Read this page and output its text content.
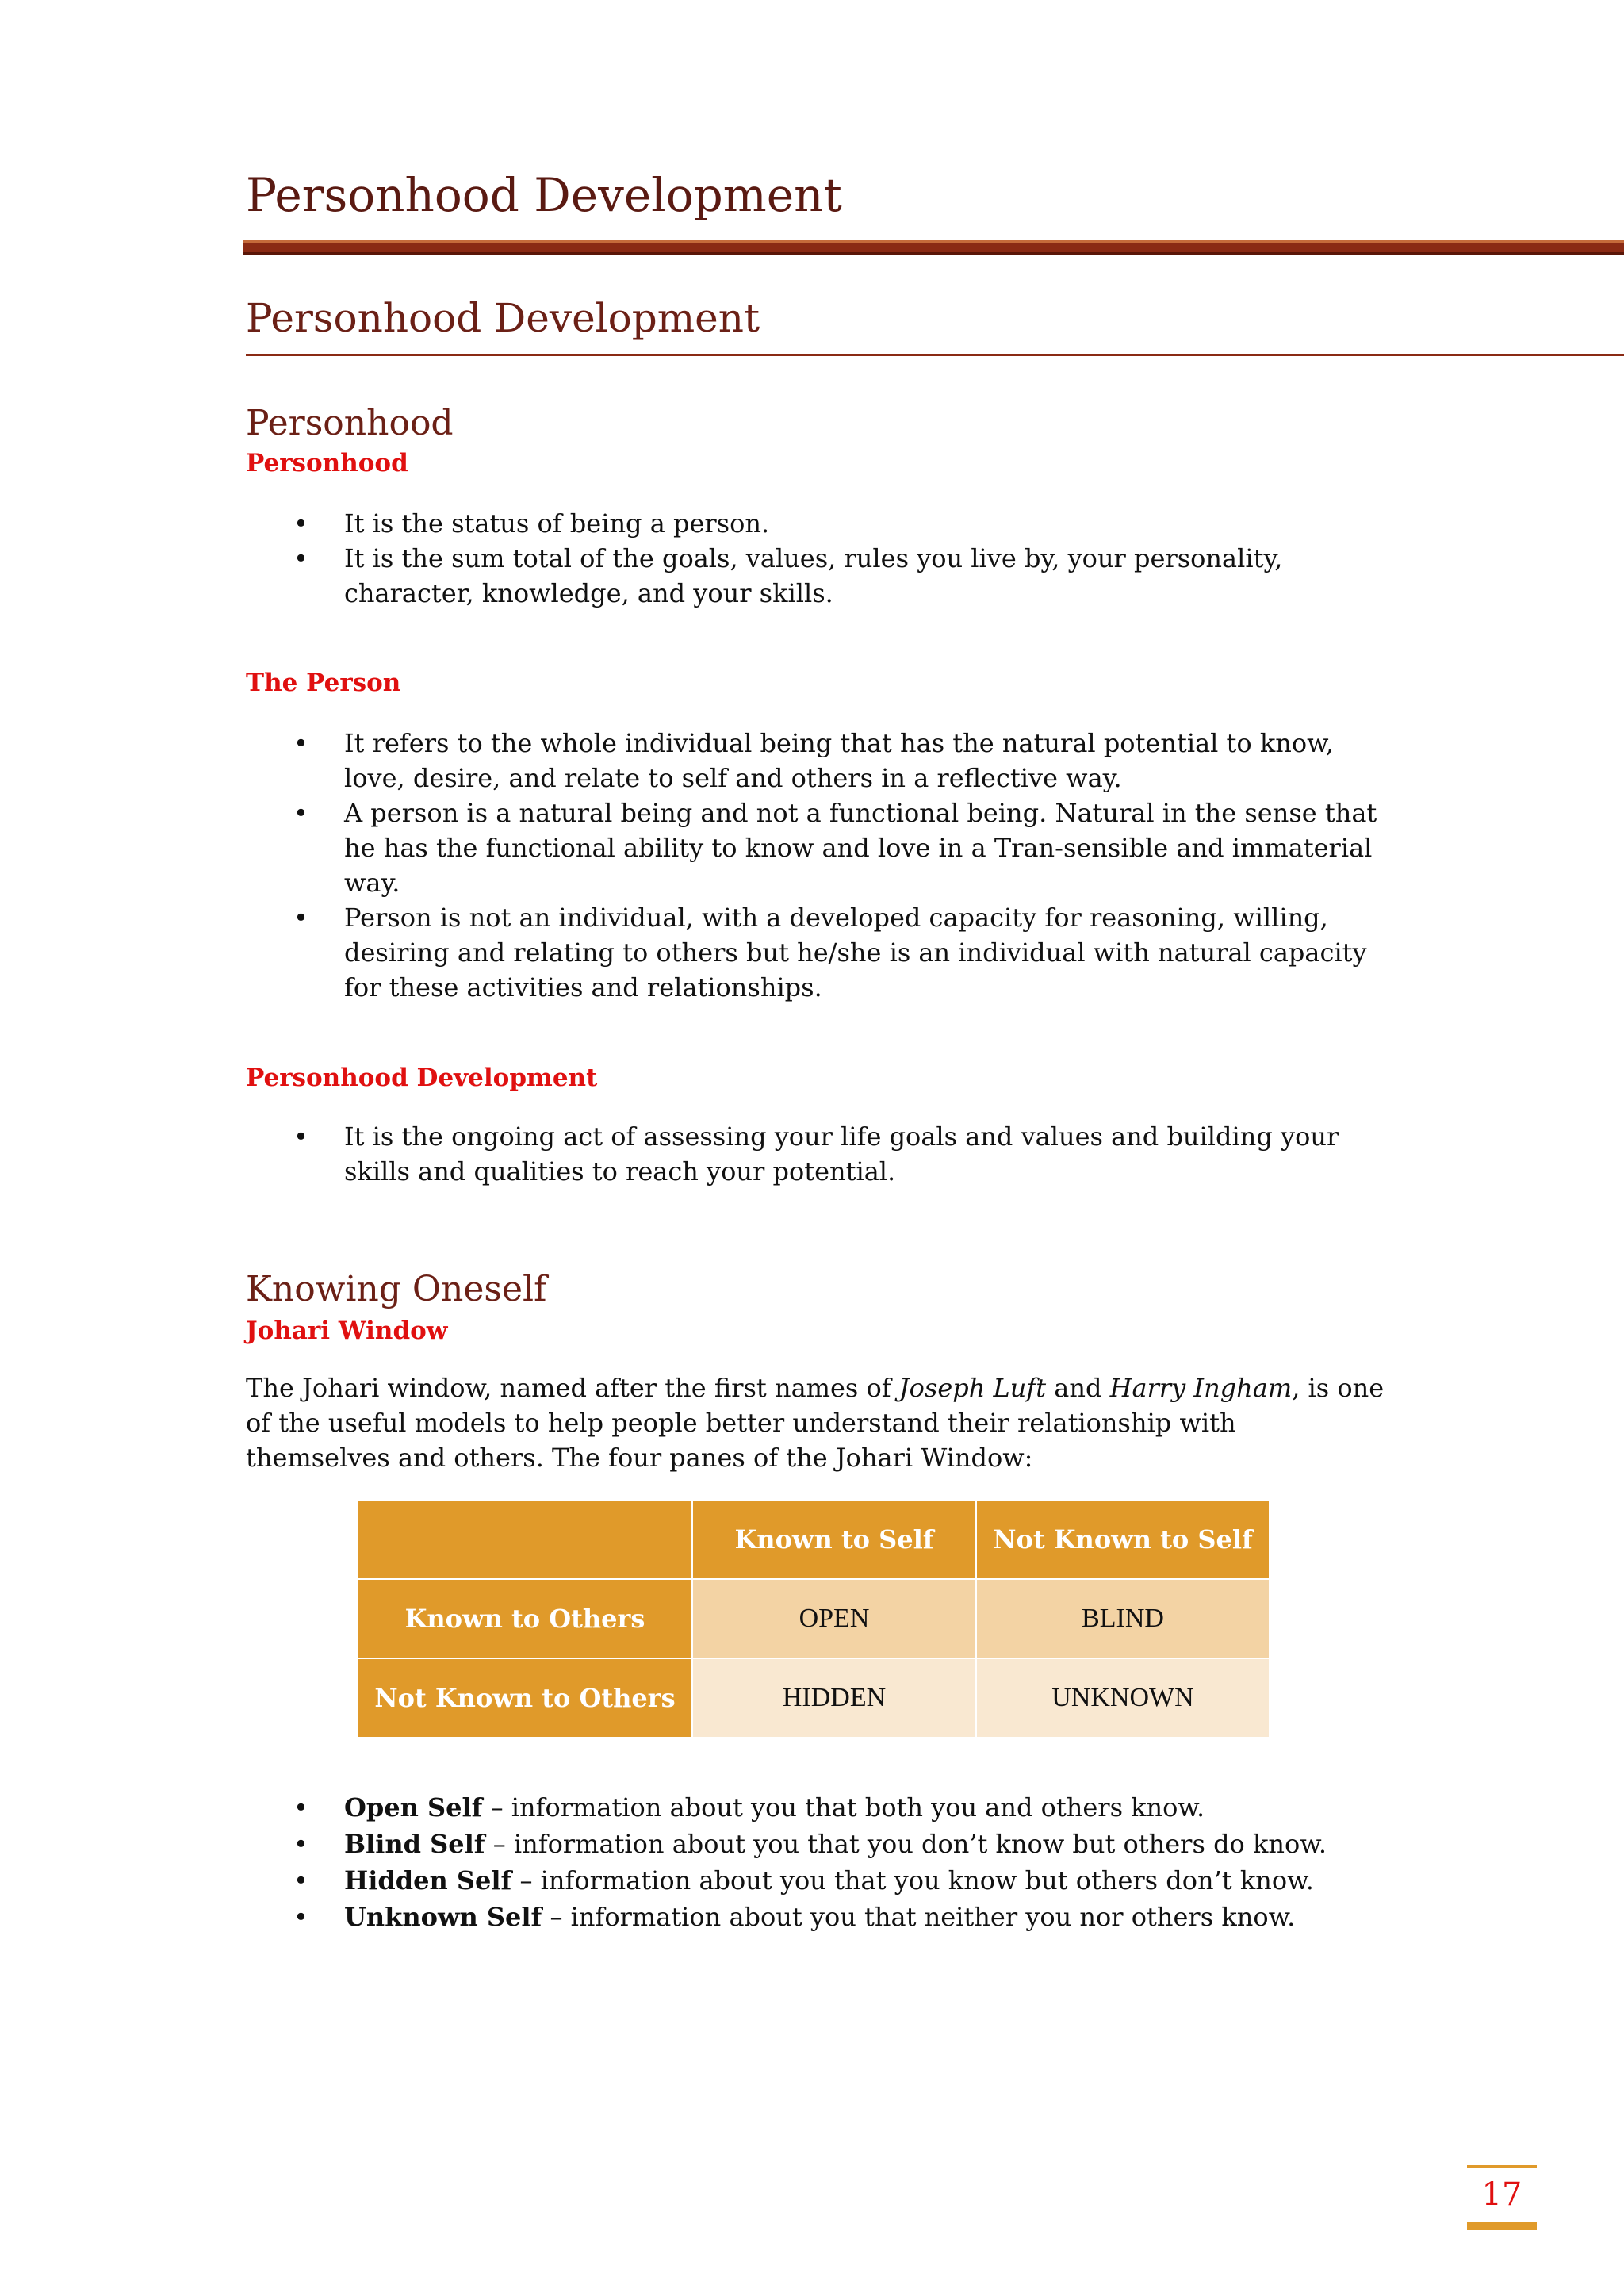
Personhood Development
Personhood Development
Personhood
Personhood
• It is the status of being a person.
• It is the sum total of the goals, values, rules you live by, your personality, character, knowledge, and your skills.
The Person
• It refers to the whole individual being that has the natural potential to know, love, desire, and relate to self and others in a reflective way.
• A person is a natural being and not a functional being. Natural in the sense that he has the functional ability to know and love in a Tran-sensible and immaterial way.
• Person is not an individual, with a developed capacity for reasoning, willing, desiring and relating to others but he/she is an individual with natural capacity for these activities and relationships.
Personhood Development
• It is the ongoing act of assessing your life goals and values and building your skills and qualities to reach your potential.
Knowing Oneself
Johari Window

The Johari window, named after the first names of Joseph Luft and Harry Ingham, is one of the useful models to help people better understand their relationship with themselves and others. The four panes of the Johari Window:

	Known to Self	Not Known to Self
Known to Others	OPEN	BLIND
Not Known to Others	HIDDEN	UNKNOWN
• Open Self – information about you that both you and others know.
• Blind Self – information about you that you don’t know but others do know.
• Hidden Self – information about you that you know but others don’t know.
• Unknown Self – information about you that neither you nor others know.
17
